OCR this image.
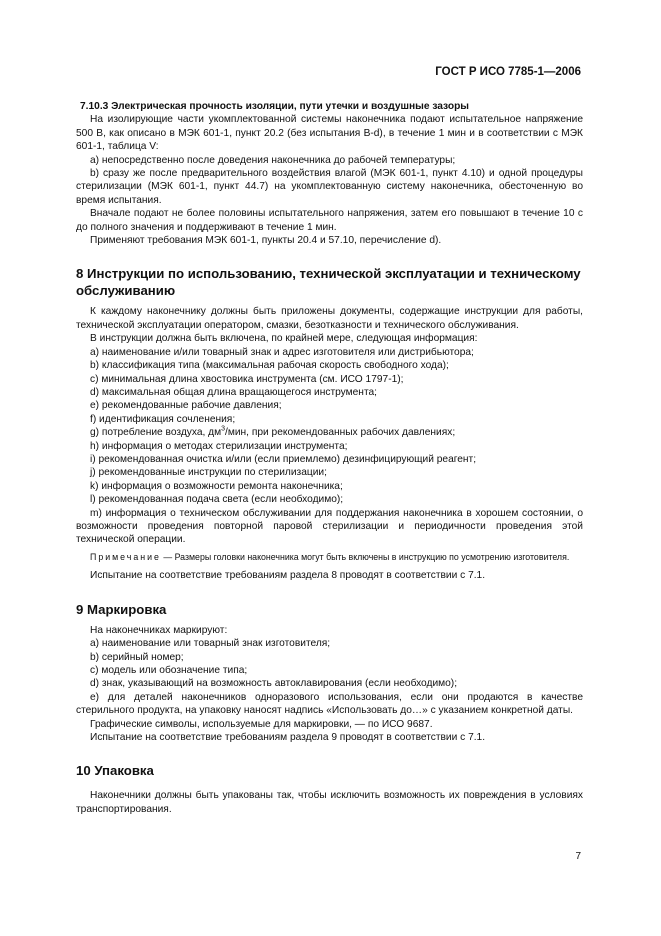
ГОСТ Р ИСО 7785-1—2006

7.10.3 Электрическая прочность изоляции, пути утечки и воздушные зазоры

На изолирующие части укомплектованной системы наконечника подают испытательное напряжение 500 В, как описано в МЭК 601-1, пункт 20.2 (без испытания B-d), в течение 1 мин и в соответствии с МЭК 601-1, таблица V:

a) непосредственно после доведения наконечника до рабочей температуры;

b) сразу же после предварительного воздействия влагой (МЭК 601-1, пункт 4.10) и одной процедуры стерилизации (МЭК 601-1, пункт 44.7) на укомплектованную систему наконечника, обесточенную во время испытания.

Вначале подают не более половины испытательного напряжения, затем его повышают в течение 10 с до полного значения и поддерживают в течение 1 мин.

Применяют требования МЭК 601-1, пункты 20.4 и 57.10, перечисление d).

8 Инструкции по использованию, технической эксплуатации и техническому обслуживанию

К каждому наконечнику должны быть приложены документы, содержащие инструкции для работы, технической эксплуатации оператором, смазки, безотказности и технического обслуживания.

В инструкции должна быть включена, по крайней мере, следующая информация:

a) наименование и/или товарный знак и адрес изготовителя или дистрибьютора;

b) классификация типа (максимальная рабочая скорость свободного хода);

c) минимальная длина хвостовика инструмента (см. ИСО 1797-1);

d) максимальная общая длина вращающегося инструмента;

e) рекомендованные рабочие давления;

f) идентификация сочленения;

g) потребление воздуха, $дм^3$/мин, при рекомендованных рабочих давлениях;

h) информация о методах стерилизации инструмента;

i) рекомендованная очистка и/или (если приемлемо) дезинфицирующий реагент;

j) рекомендованные инструкции по стерилизации;

k) информация о возможности ремонта наконечника;

l) рекомендованная подача света (если необходимо);

m) информация о техническом обслуживании для поддержания наконечника в хорошем состоянии, о возможности проведения повторной паровой стерилизации и периодичности проведения этой технической операции.

Примечание — Размеры головки наконечника могут быть включены в инструкцию по усмотрению изготовителя.

Испытание на соответствие требованиям раздела 8 проводят в соответствии с 7.1.

9 Маркировка

На наконечниках маркируют:

a) наименование или товарный знак изготовителя;

b) серийный номер;

c) модель или обозначение типа;

d) знак, указывающий на возможность автоклавирования (если необходимо);

e) для деталей наконечников одноразового использования, если они продаются в качестве стерильного продукта, на упаковку наносят надпись «Использовать до…» с указанием конкретной даты.

Графические символы, используемые для маркировки, — по ИСО 9687.

Испытание на соответствие требованиям раздела 9 проводят в соответствии с 7.1.

10 Упаковка

Наконечники должны быть упакованы так, чтобы исключить возможность их повреждения в условиях транспортирования.

7
